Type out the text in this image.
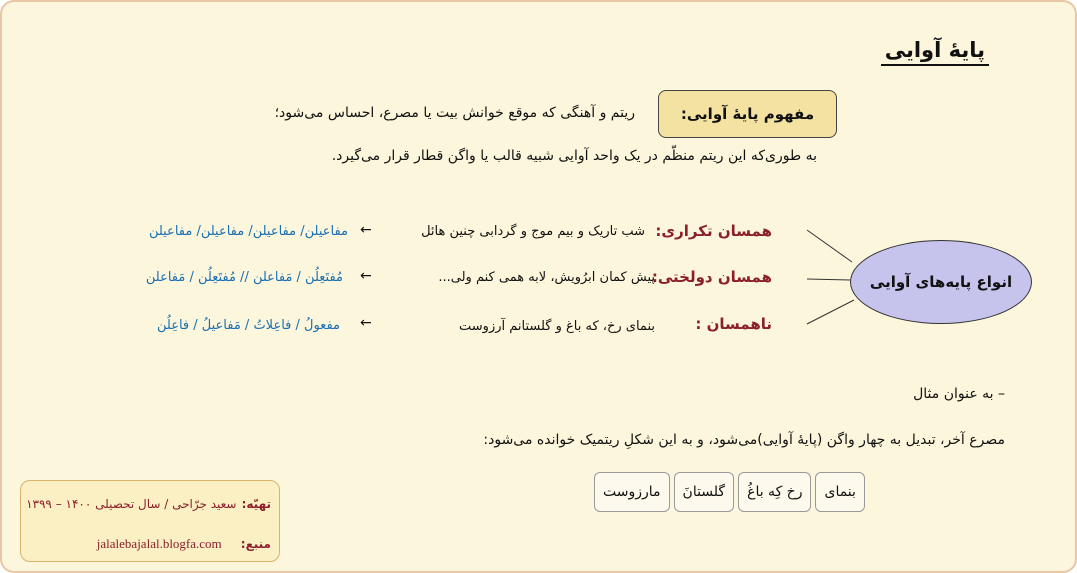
پایۀ آوایی
مفهوم پایۀ آوایی:
ریتم و آهنگی که موقع خوانش بیت یا مصرع، احساس می‌شود؛
به طوری‌که این ریتم منظّم در یک واحد آوایی شبیه قالب یا واگن قطار قرار می‌گیرد.
انواع پایه‌های آوایی
همسان تکراری:
شب تاریک و بیم موج و گردابی چنین هائل
←
مفاعیلن/ مفاعیلن/ مفاعیلن/ مفاعیلن
همسان دولختی:
پیش کمان ابرُویش، لابه همی کنم ولی...
←
مُفتَعِلُن / مَفاعلن // مُفتَعِلُن / مَفاعلن
ناهمسان :
بنمای رخ، که باغ و گلستانم آرزوست
←
مفعولُ / فاعِلاتُ / مَفاعیلُ / فاعِلُن
– به عنوان مثال
مصرع آخر، تبدیل به چهار واگن (پایۀ آوایی)‌می‌شود، و به این شکلِ ریتمیک خوانده می‌شود:
بنمای
رخ کِه باغُ
گلستانَ
مارزوست
تهیّه: سعید جرّاحی / سال تحصیلی ۱۴۰۰ – ۱۳۹۹
jalalebajalal.blogfa.com منبع:
